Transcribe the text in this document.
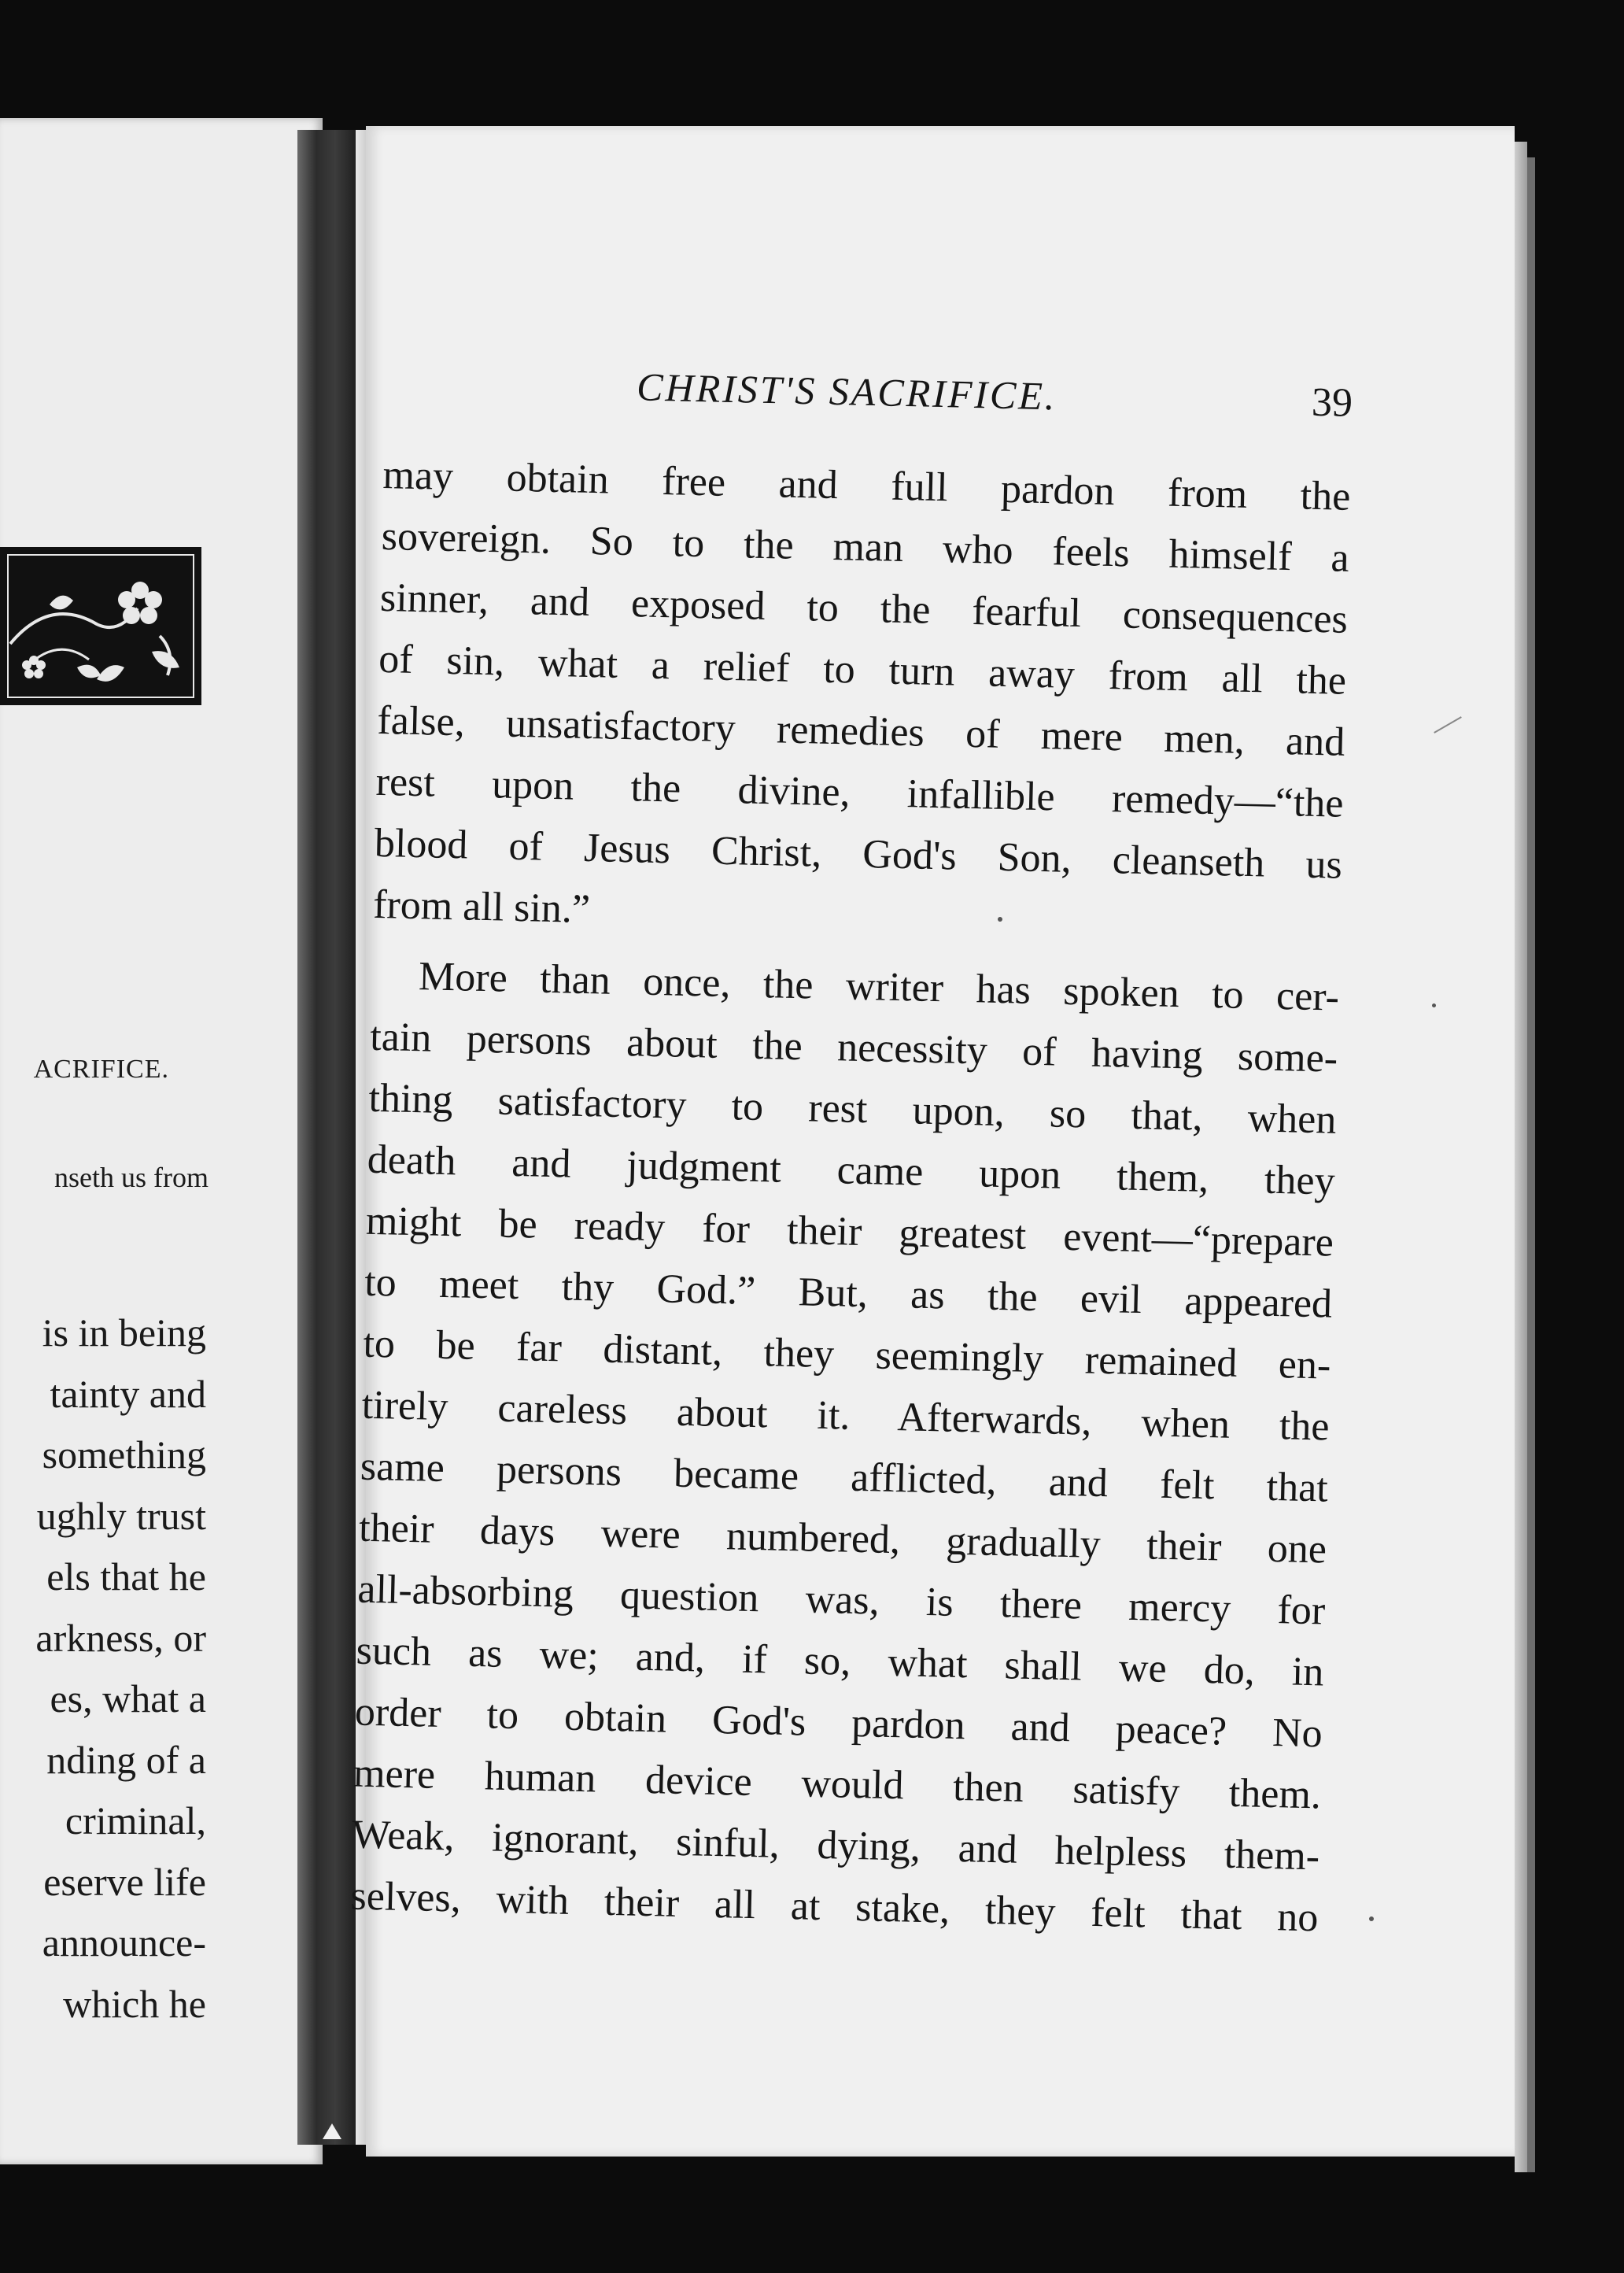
ACRIFICE.
nseth us from
is in being
tainty and
something
ughly trust
els that he
arkness, or
es, what a
nding of a
criminal,
eserve life
announce-
which he
CHRIST'S SACRIFICE.	39
may obtain free and full pardon from the
sovereign. So to the man who feels himself a
sinner, and exposed to the fearful consequences
of sin, what a relief to turn away from all the
false, unsatisfactory remedies of mere men, and
rest upon the divine, infallible remedy—“the
blood of Jesus Christ, God's Son, cleanseth us
from all sin.”
More than once, the writer has spoken to cer-
tain persons about the necessity of having some-
thing satisfactory to rest upon, so that, when
death and judgment came upon them, they
might be ready for their greatest event—“prepare
to meet thy God.” But, as the evil appeared
to be far distant, they seemingly remained en-
tirely careless about it. Afterwards, when the
same persons became afflicted, and felt that
their days were numbered, gradually their one
all-absorbing question was, is there mercy for
such as we; and, if so, what shall we do, in
order to obtain God's pardon and peace? No
mere human device would then satisfy them.
Weak, ignorant, sinful, dying, and helpless them-
selves, with their all at stake, they felt that no
